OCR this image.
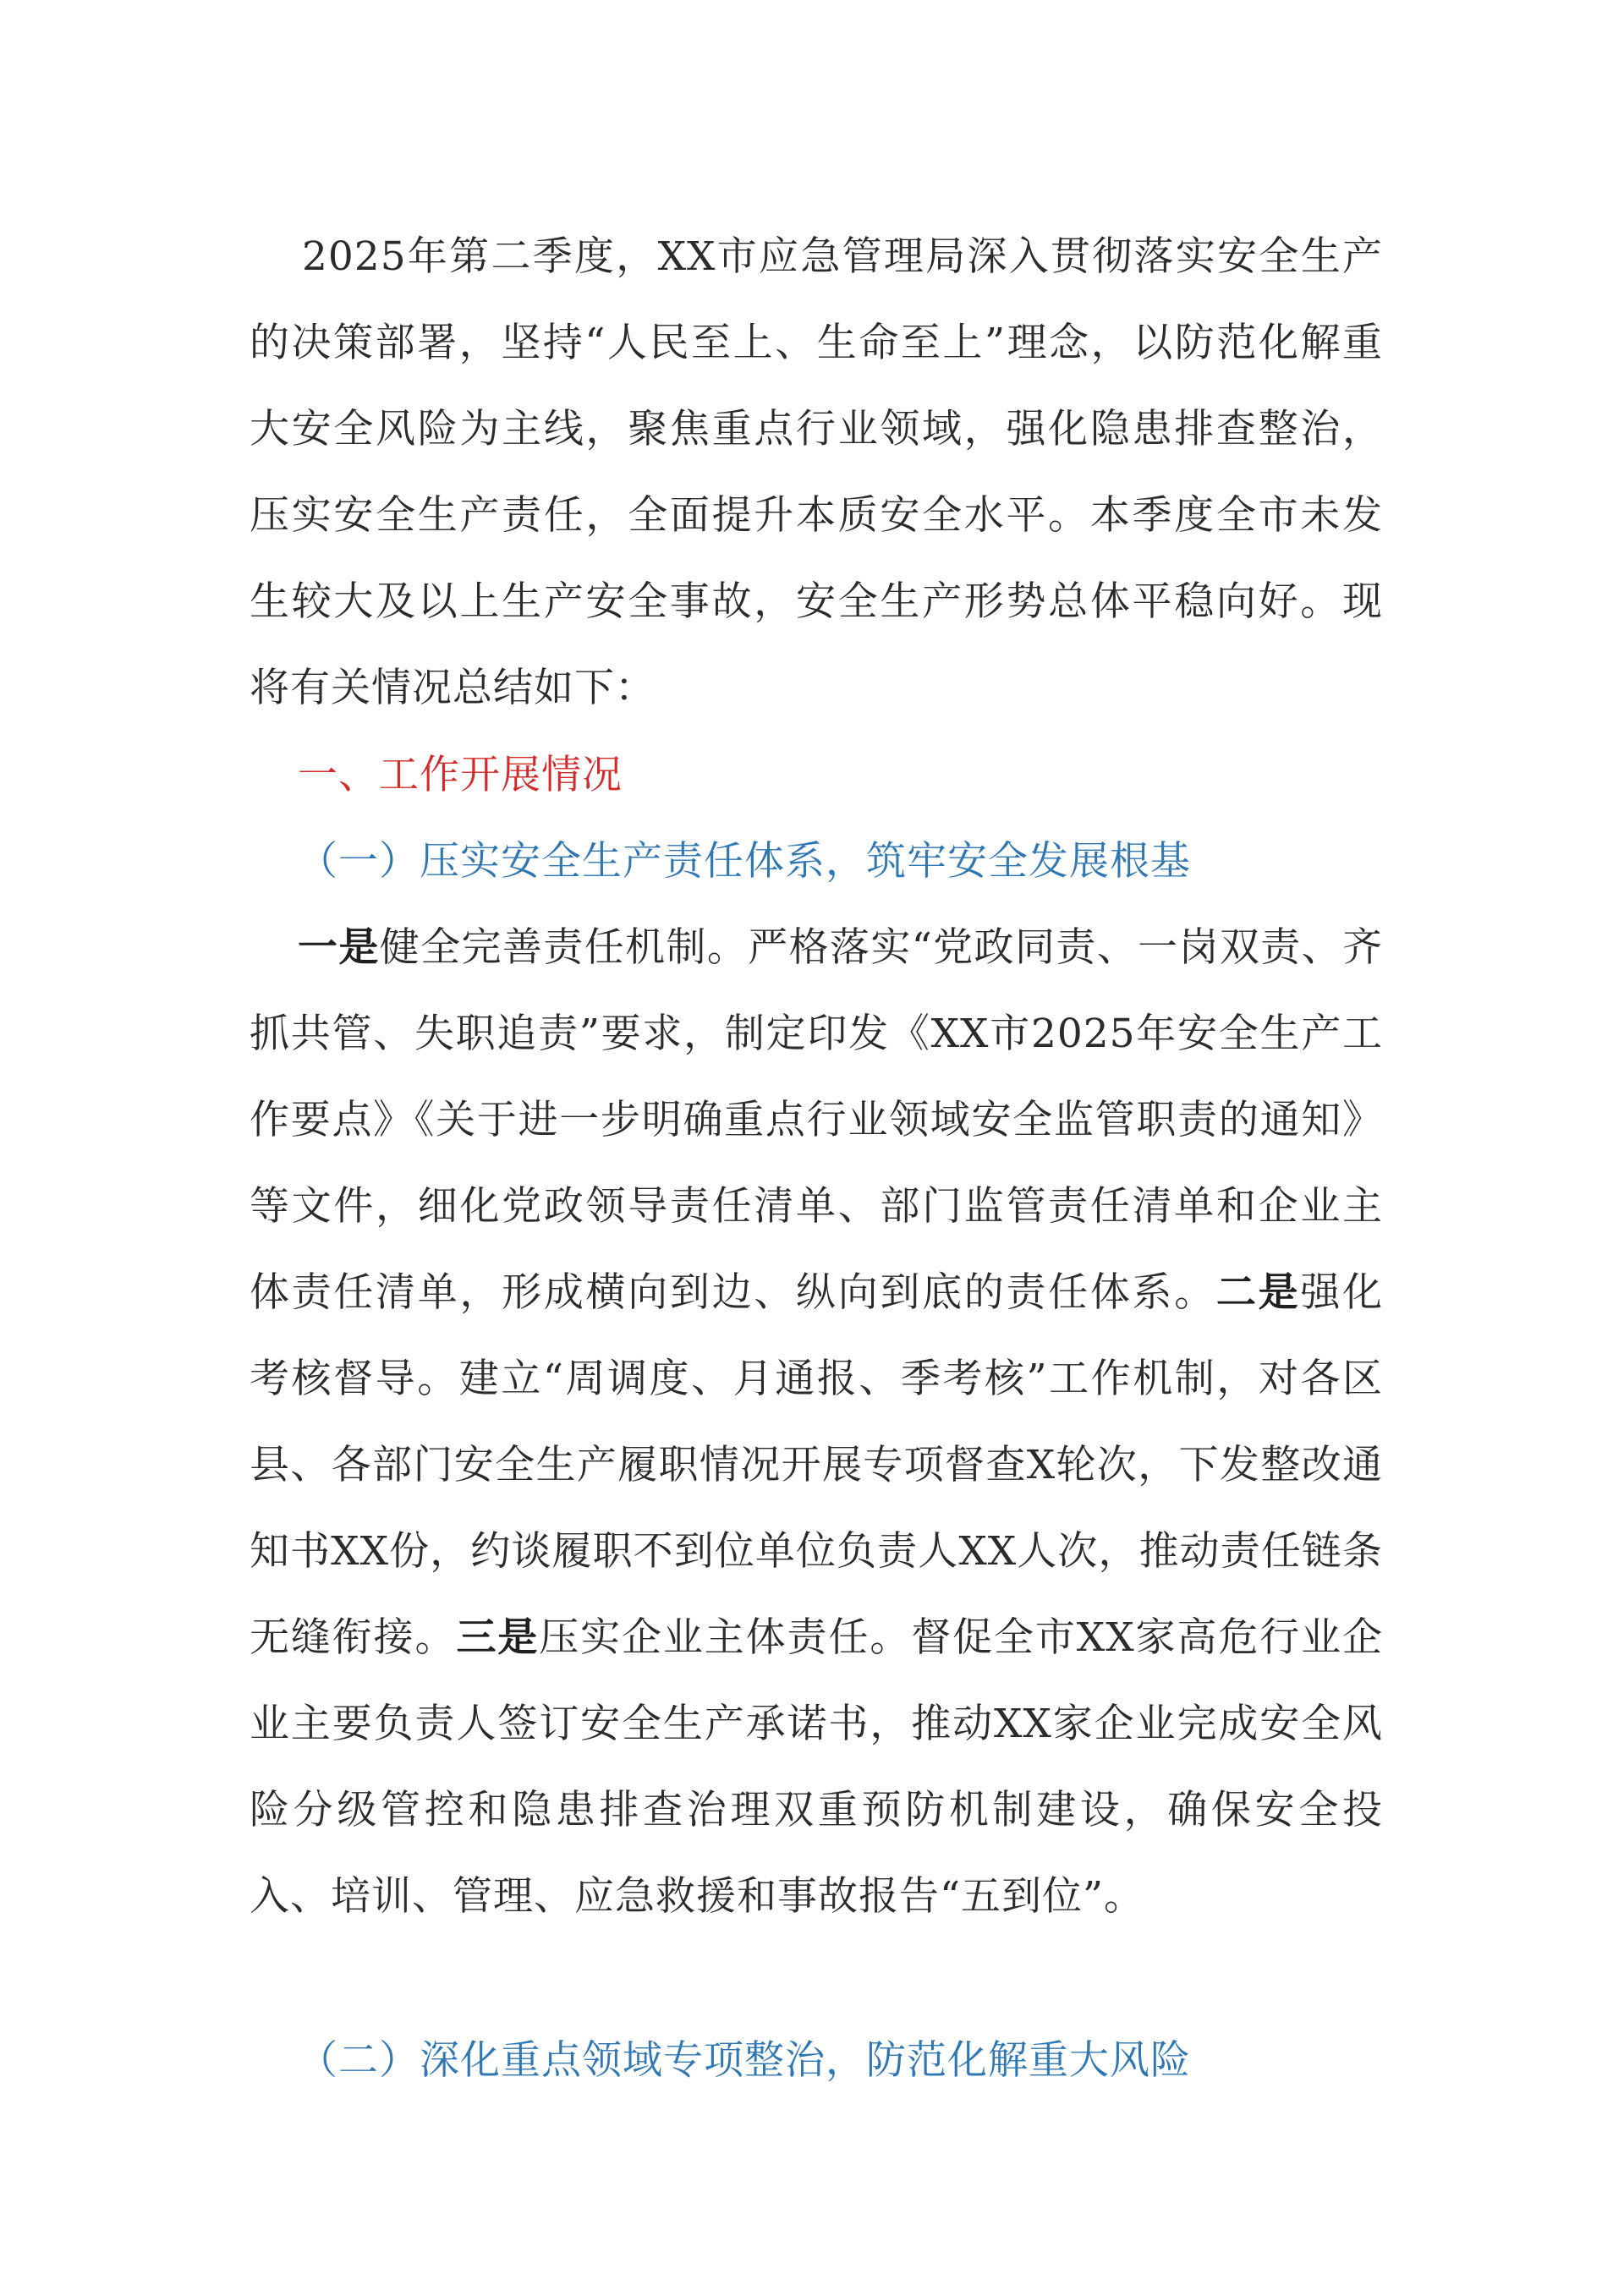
2025年第二季度，XX市应急管理局深入贯彻落实安全生产的决策部署，坚持“人民至上、生命至上”理念，以防范化解重大安全风险为主线，聚焦重点行业领域，强化隐患排查整治，压实安全生产责任，全面提升本质安全水平。本季度全市未发生较大及以上生产安全事故，安全生产形势总体平稳向好。现将有关情况总结如下：
一、工作开展情况
（一）压实安全生产责任体系，筑牢安全发展根基
一是健全完善责任机制。严格落实“党政同责、一岗双责、齐抓共管、失职追责”要求，制定印发《XX市2025年安全生产工作要点》《关于进一步明确重点行业领域安全监管职责的通知》等文件，细化党政领导责任清单、部门监管责任清单和企业主体责任清单，形成横向到边、纵向到底的责任体系。二是强化考核督导。建立“周调度、月通报、季考核”工作机制，对各区县、各部门安全生产履职情况开展专项督查X轮次，下发整改通知书XX份，约谈履职不到位单位负责人XX人次，推动责任链条无缝衔接。三是压实企业主体责任。督促全市XX家高危行业企业主要负责人签订安全生产承诺书，推动XX家企业完成安全风险分级管控和隐患排查治理双重预防机制建设，确保安全投入、培训、管理、应急救援和事故报告“五到位”。
（二）深化重点领域专项整治，防范化解重大风险
